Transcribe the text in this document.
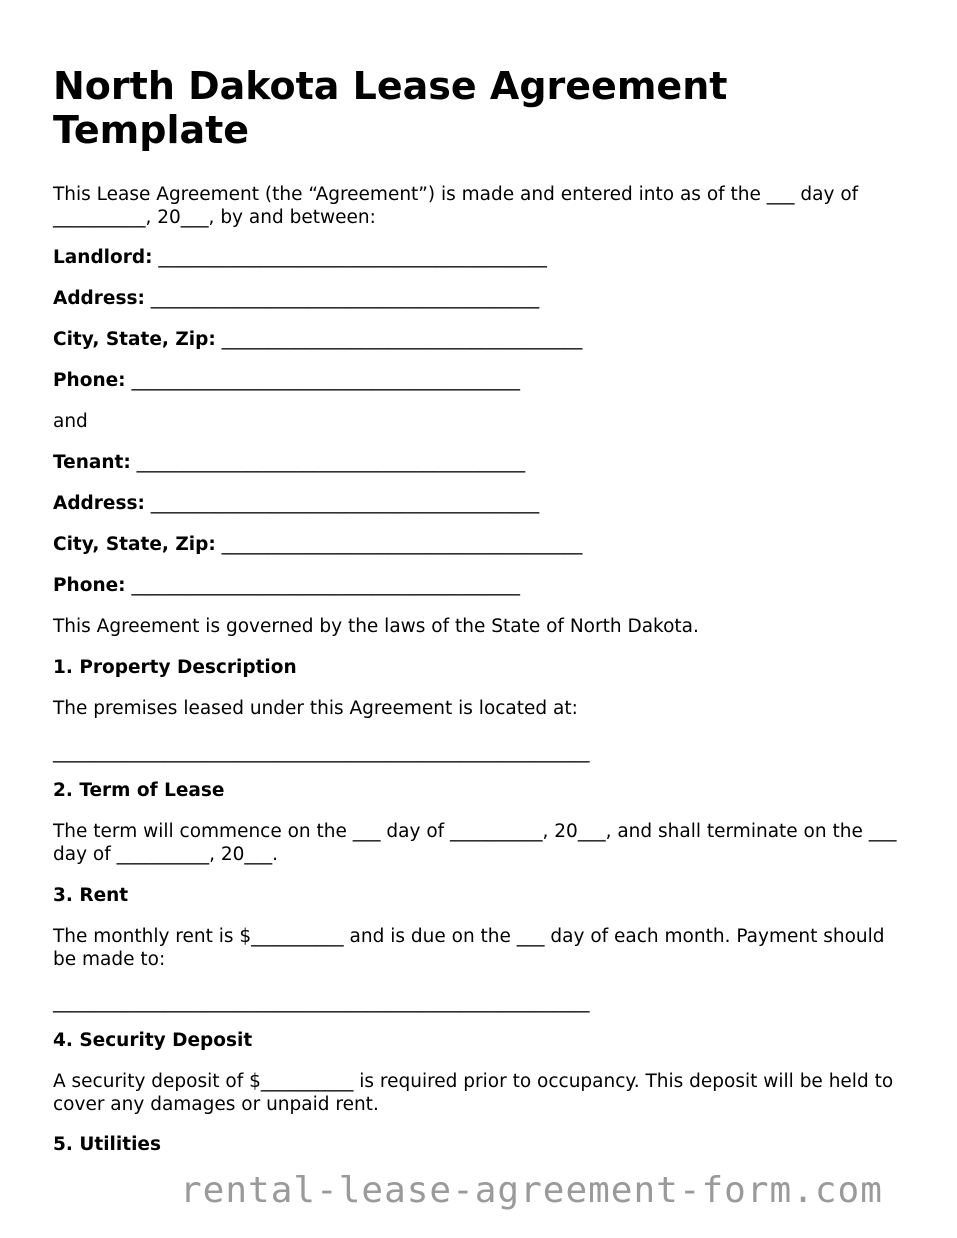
North Dakota Lease Agreement Template
This Lease Agreement (the “Agreement”) is made and entered into as of the ___ day of __________, 20___, by and between:
Landlord: __________________________________________
Address: __________________________________________
City, State, Zip: _______________________________________
Phone: __________________________________________
and
Tenant: __________________________________________
Address: __________________________________________
City, State, Zip: _______________________________________
Phone: __________________________________________
This Agreement is governed by the laws of the State of North Dakota.
1. Property Description
The premises leased under this Agreement is located at:
__________________________________________________________
2. Term of Lease
The term will commence on the ___ day of __________, 20___, and shall terminate on the ___ day of __________, 20___.
3. Rent
The monthly rent is $__________ and is due on the ___ day of each month. Payment should be made to:
__________________________________________________________
4. Security Deposit
A security deposit of $__________ is required prior to occupancy. This deposit will be held to cover any damages or unpaid rent.
5. Utilities
rental-lease-agreement-form.com
